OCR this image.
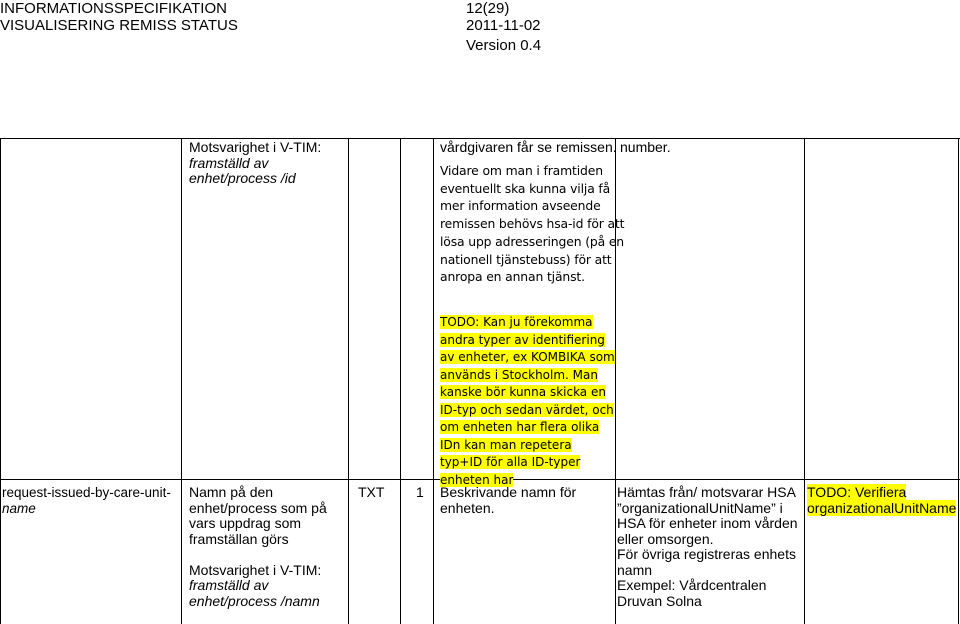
INFORMATIONSSPECIFIKATION	12(29)
VISUALISERING REMISS STATUS	2011-11-02
Version 0.4

Motsvarighet i V-TIM:

framställd av

enhet/process /id

vårdgivaren får se remissen.

Vidare om man i framtiden

eventuellt ska kunna vilja få

mer information avseende

remissen behövs hsa-id för att

lösa upp adresseringen (på en

nationell tjänstebuss) för att

anropa en annan tjänst.

number.

TODO: Kan ju förekomma
andra typer av identifiering
av enheter, ex KOMBIKA som
används i Stockholm. Man
kanske bör kunna skicka en
ID-typ och sedan värdet, och
om enheten har flera olika
IDn kan man repetera
typ+ID för alla ID-typer
enheten har

request-issued-by-care-unit-

name

Namn på den

enhet/process som på

vars uppdrag som

framställan görs

Motsvarighet i V-TIM:

framställd av

enhet/process /namn

TXT 1 Beskrivande namn för

enheten.

Hämtas från/ motsvarar HSA

”organizationalUnitName” i

HSA för enheter inom vården

eller omsorgen.

För övriga registreras enhets

namn

Exempel: Vårdcentralen

Druvan Solna

TODO: Verifiera

organizationalUnitName
